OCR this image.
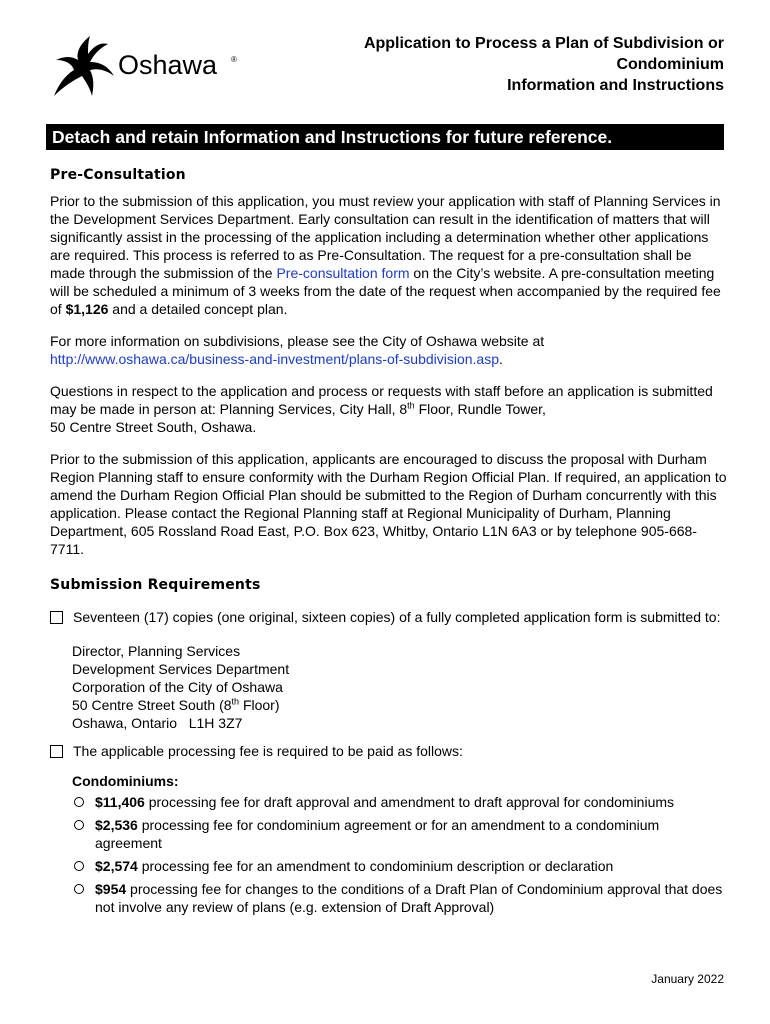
Oshawa ®
Application to Process a Plan of Subdivision or
Condominium
Information and Instructions
Detach and retain Information and Instructions for future reference.
Pre-Consultation

Prior to the submission of this application, you must review your application with staff of Planning Services in the Development Services Department. Early consultation can result in the identification of matters that will significantly assist in the processing of the application including a determination whether other applications are required. This process is referred to as Pre-Consultation. The request for a pre-consultation shall be made through the submission of the Pre-consultation form on the City’s website. A pre-consultation meeting will be scheduled a minimum of 3 weeks from the date of the request when accompanied by the required fee of $1,126 and a detailed concept plan.

For more information on subdivisions, please see the City of Oshawa website at
http://www.oshawa.ca/business-and-investment/plans-of-subdivision.asp.

Questions in respect to the application and process or requests with staff before an application is submitted may be made in person at: Planning Services, City Hall, 8th Floor, Rundle Tower,
50 Centre Street South, Oshawa.

Prior to the submission of this application, applicants are encouraged to discuss the proposal with Durham Region Planning staff to ensure conformity with the Durham Region Official Plan. If required, an application to amend the Durham Region Official Plan should be submitted to the Region of Durham concurrently with this application. Please contact the Regional Planning staff at Regional Municipality of Durham, Planning Department, 605 Rossland Road East, P.O. Box 623, Whitby, Ontario L1N 6A3 or by telephone 905-668-7711.

Submission Requirements
Seventeen (17) copies (one original, sixteen copies) of a fully completed application form is submitted to:
Director, Planning Services
Development Services Department
Corporation of the City of Oshawa
50 Centre Street South (8th Floor)
Oshawa, Ontario   L1H 3Z7
The applicable processing fee is required to be paid as follows:
Condominiums:
$11,406 processing fee for draft approval and amendment to draft approval for condominiums
$2,536 processing fee for condominium agreement or for an amendment to a condominium agreement
$2,574 processing fee for an amendment to condominium description or declaration
$954 processing fee for changes to the conditions of a Draft Plan of Condominium approval that does not involve any review of plans (e.g. extension of Draft Approval)
January 2022
